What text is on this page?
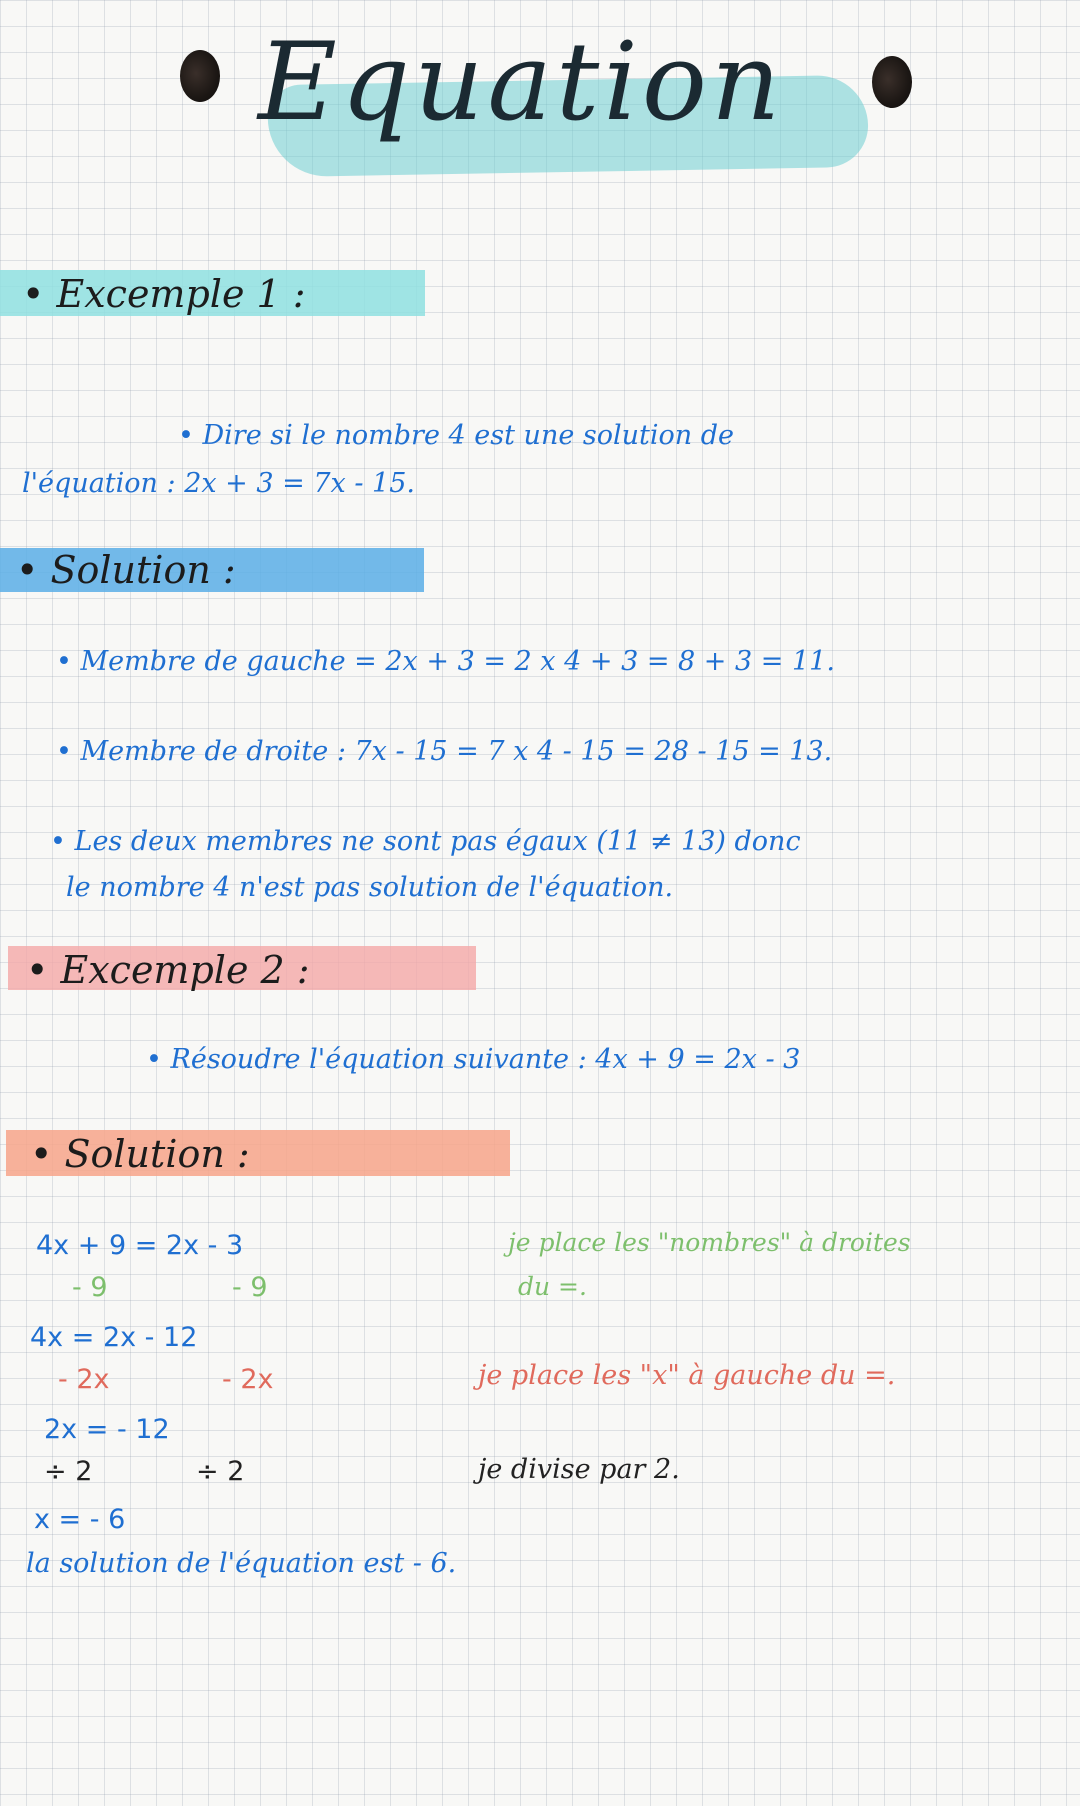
Equation
• Excemple 1 :
• Dire si le nombre 4 est une solution de
l'équation : 2x + 3 = 7x - 15.
• Solution :
• Membre de gauche = 2x + 3 = 2 x 4 + 3 = 8 + 3 = 11.
• Membre de droite : 7x - 15 = 7 x 4 - 15 = 28 - 15 = 13.
• Les deux membres ne sont pas égaux (11 ≠ 13) donc
le nombre 4 n'est pas solution de l'équation.
• Excemple 2 :
• Résoudre l'équation suivante : 4x + 9 = 2x - 3
• Solution :
4x + 9 = 2x - 3
- 9	- 9
je place les "nombres" à droites
du =.
4x = 2x - 12
- 2x	- 2x	je place les "x" à gauche du =.
2x = - 12
÷ 2	÷ 2	je divise par 2.
x = - 6
la solution de l'équation est - 6.
